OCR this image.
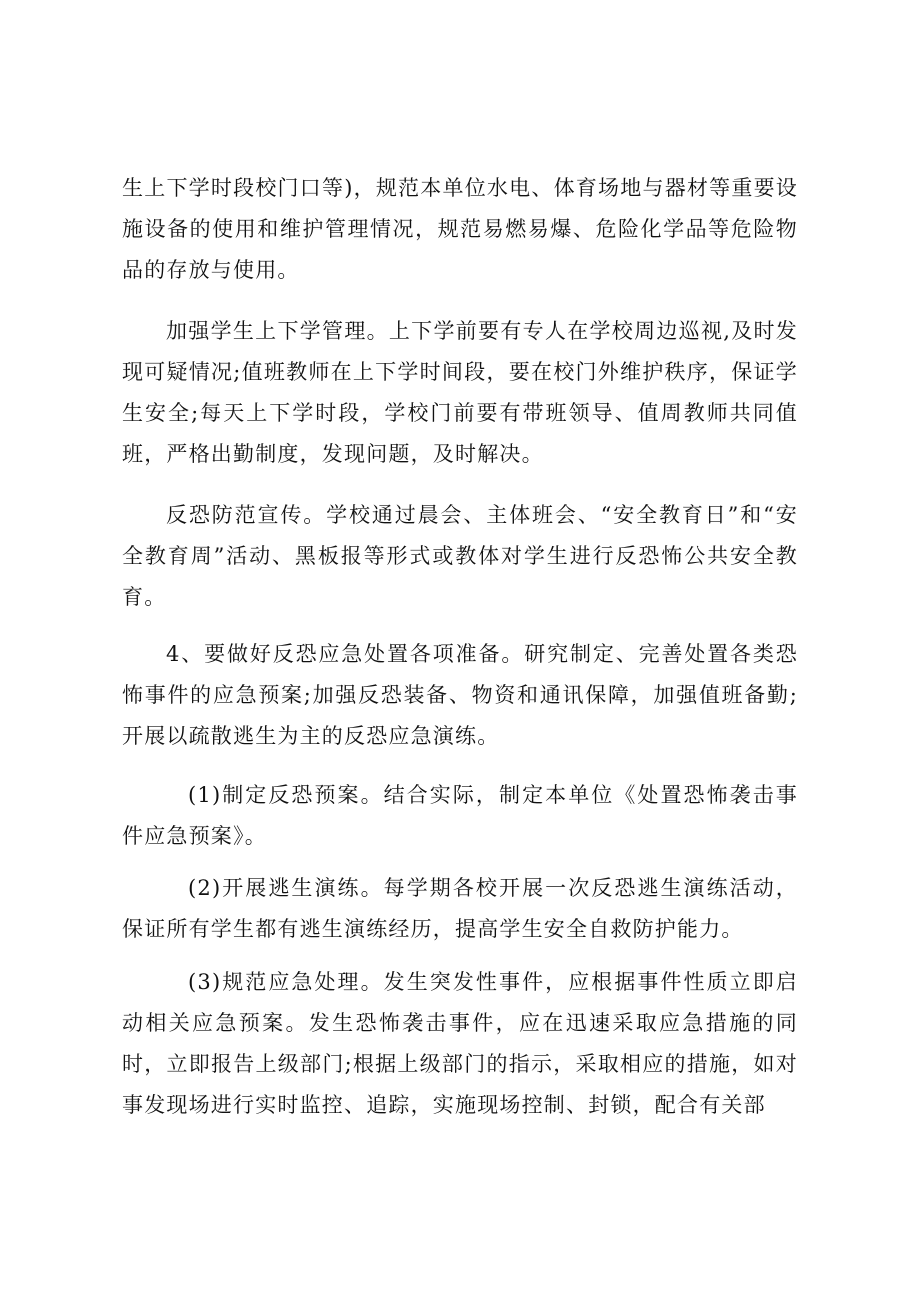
生上下学时段校门口等)，规范本单位水电、体育场地与器材等重要设施设备的使用和维护管理情况，规范易燃易爆、危险化学品等危险物品的存放与使用。

加强学生上下学管理。上下学前要有专人在学校周边巡视,及时发现可疑情况;值班教师在上下学时间段，要在校门外维护秩序，保证学生安全;每天上下学时段，学校门前要有带班领导、值周教师共同值班，严格出勤制度，发现问题，及时解决。

反恐防范宣传。学校通过晨会、主体班会、“安全教育日”和“安全教育周”活动、黑板报等形式或教体对学生进行反恐怖公共安全教育。

4、要做好反恐应急处置各项准备。研究制定、完善处置各类恐怖事件的应急预案;加强反恐装备、物资和通讯保障，加强值班备勤;开展以疏散逃生为主的反恐应急演练。

(1)制定反恐预案。结合实际，制定本单位《处置恐怖袭击事件应急预案》。

(2)开展逃生演练。每学期各校开展一次反恐逃生演练活动，保证所有学生都有逃生演练经历，提高学生安全自救防护能力。

(3)规范应急处理。发生突发性事件，应根据事件性质立即启动相关应急预案。发生恐怖袭击事件，应在迅速采取应急措施的同时，立即报告上级部门;根据上级部门的指示，采取相应的措施，如对事发现场进行实时监控、追踪，实施现场控制、封锁，配合有关部
